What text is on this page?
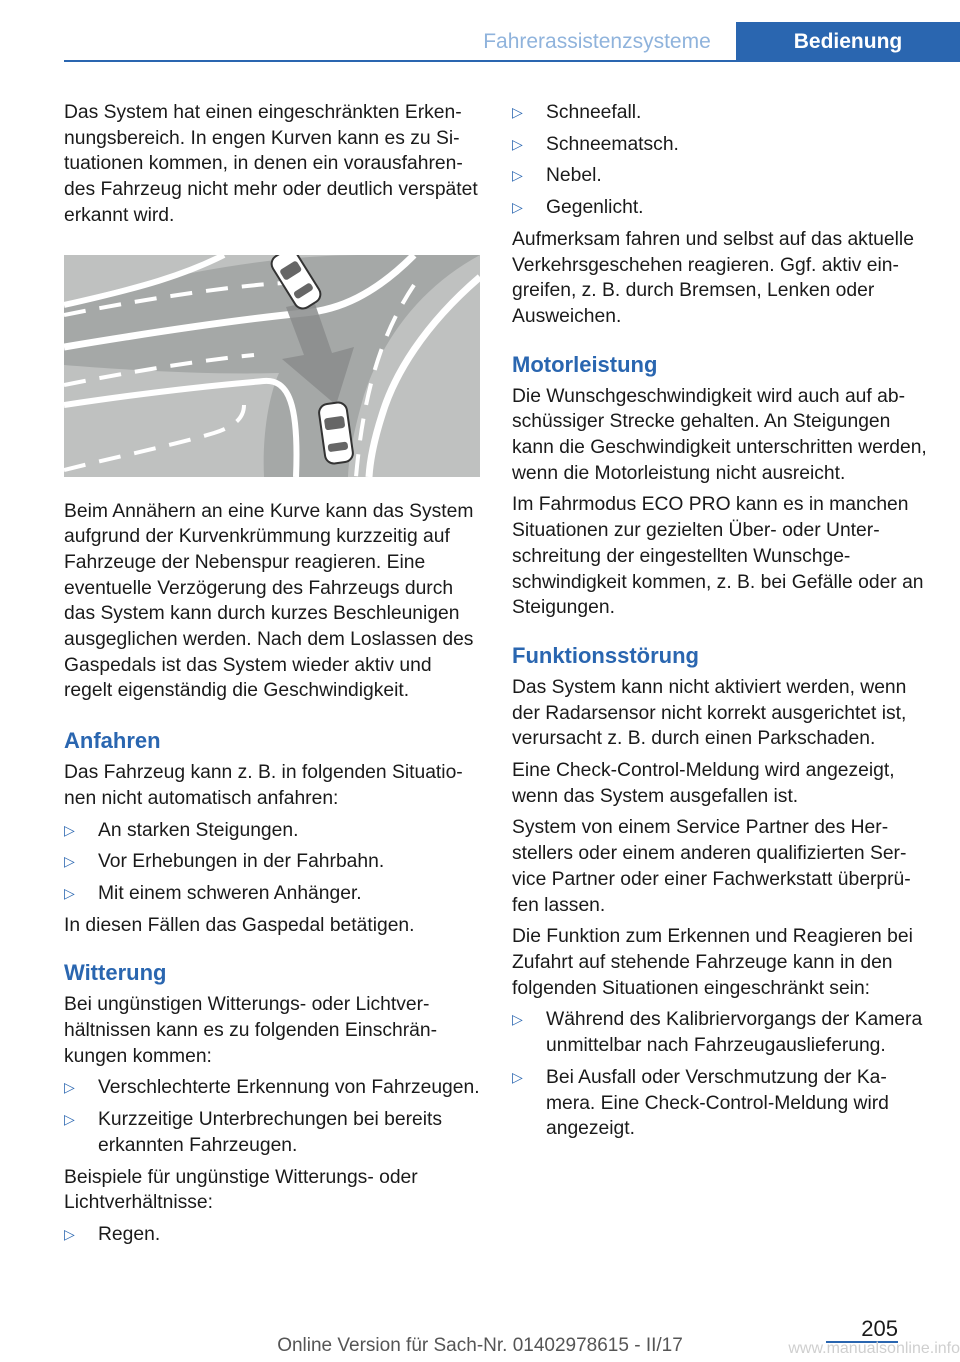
Fahrerassistenzsysteme	Bedienung

Das System hat einen eingeschränkten Erkennungsbereich. In engen Kurven kann es zu Situationen kommen, in denen ein vorausfahrendes Fahrzeug nicht mehr oder deutlich verspätet erkannt wird.

Beim Annähern an eine Kurve kann das System aufgrund der Kurvenkrümmung kurzzeitig auf Fahrzeuge der Nebenspur reagieren. Eine eventuelle Verzögerung des Fahrzeugs durch das System kann durch kurzes Beschleunigen ausgeglichen werden. Nach dem Loslassen des Gaspedals ist das System wieder aktiv und regelt eigenständig die Geschwindigkeit.

Anfahren

Das Fahrzeug kann z. B. in folgenden Situationen nicht automatisch anfahren:

▷ An starken Steigungen.
▷ Vor Erhebungen in der Fahrbahn.
▷ Mit einem schweren Anhänger.

In diesen Fällen das Gaspedal betätigen.

Witterung

Bei ungünstigen Witterungs- oder Lichtverhältnissen kann es zu folgenden Einschränkungen kommen:

▷ Verschlechterte Erkennung von Fahrzeugen.
▷ Kurzzeitige Unterbrechungen bei bereits erkannten Fahrzeugen.

Beispiele für ungünstige Witterungs- oder Lichtverhältnisse:

▷ Regen.
▷ Schneefall.
▷ Schneematsch.
▷ Nebel.
▷ Gegenlicht.

Aufmerksam fahren und selbst auf das aktuelle Verkehrsgeschehen reagieren. Ggf. aktiv eingreifen, z. B. durch Bremsen, Lenken oder Ausweichen.

Motorleistung

Die Wunschgeschwindigkeit wird auch auf abschüssiger Strecke gehalten. An Steigungen kann die Geschwindigkeit unterschritten werden, wenn die Motorleistung nicht ausreicht.

Im Fahrmodus ECO PRO kann es in manchen Situationen zur gezielten Über- oder Unterschreitung der eingestellten Wunschgeschwindigkeit kommen, z. B. bei Gefälle oder an Steigungen.

Funktionsstörung

Das System kann nicht aktiviert werden, wenn der Radarsensor nicht korrekt ausgerichtet ist, verursacht z. B. durch einen Parkschaden.

Eine Check-Control-Meldung wird angezeigt, wenn das System ausgefallen ist.

System von einem Service Partner des Herstellers oder einem anderen qualifizierten Service Partner oder einer Fachwerkstatt überprüfen lassen.

Die Funktion zum Erkennen und Reagieren bei Zufahrt auf stehende Fahrzeuge kann in den folgenden Situationen eingeschränkt sein:

▷ Während des Kalibriervorgangs der Kamera unmittelbar nach Fahrzeugauslieferung.
▷ Bei Ausfall oder Verschmutzung der Kamera. Eine Check-Control-Meldung wird angezeigt.
205
Online Version für Sach-Nr. 01402978615 - II/17	www.manualsonline.info
